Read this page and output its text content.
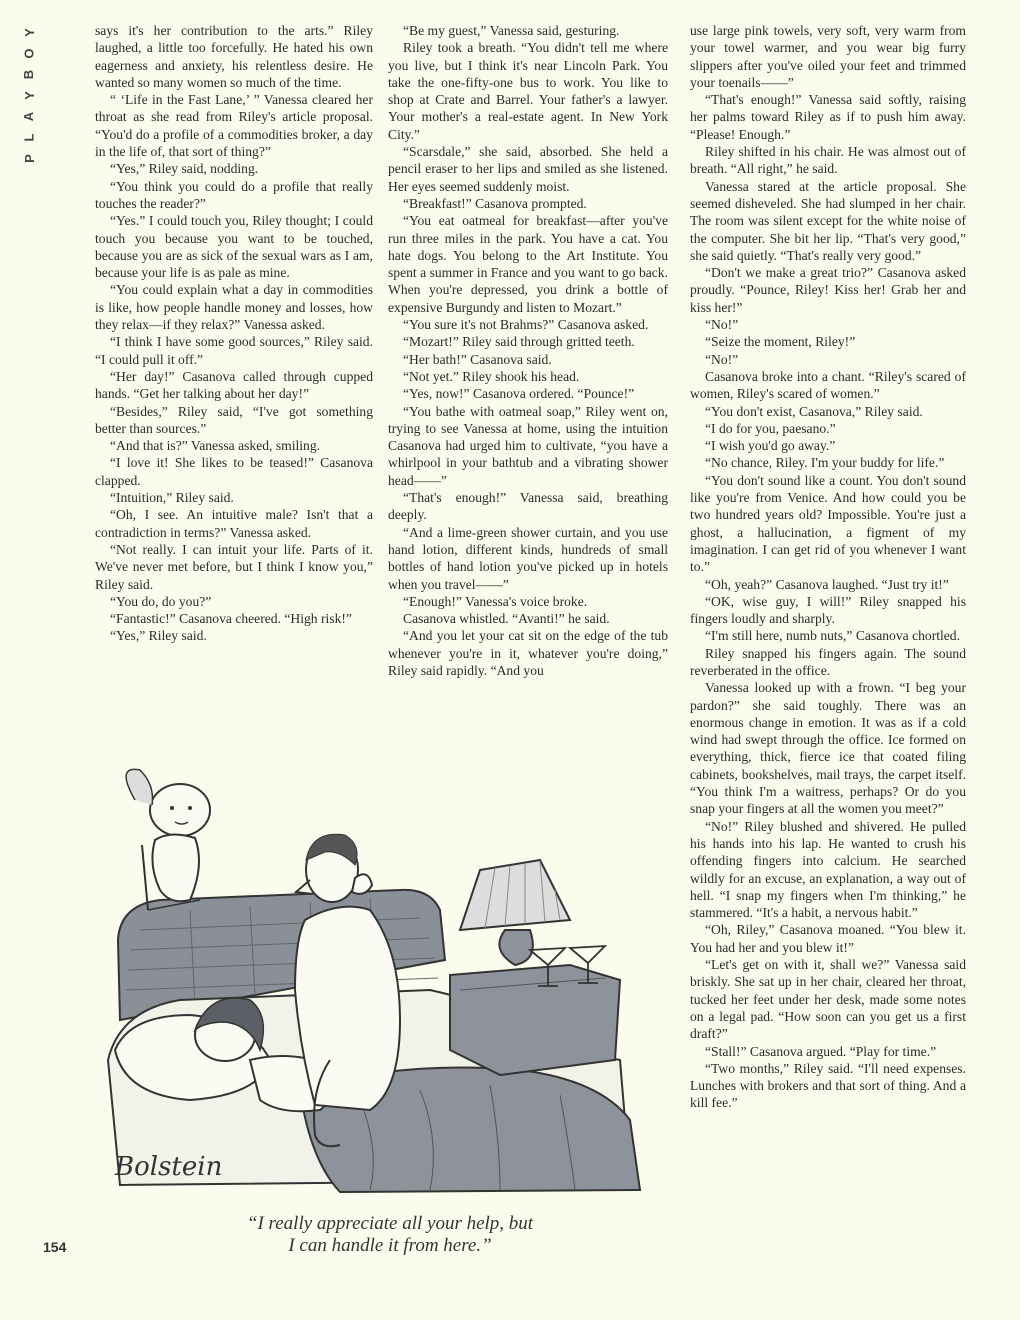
Y
O
B
Y
A
L
P

says it's her contribution to the arts.” Riley laughed, a little too forcefully. He hated his own eagerness and anxiety, his relentless desire. He wanted so many women so much of the time.

“ ‘Life in the Fast Lane,’ ” Vanessa cleared her throat as she read from Riley's article proposal. “You'd do a profile of a commodities broker, a day in the life of, that sort of thing?”

“Yes,” Riley said, nodding.

“You think you could do a profile that really touches the reader?”

“Yes.” I could touch you, Riley thought; I could touch you because you want to be touched, because you are as sick of the sexual wars as I am, because your life is as pale as mine.

“You could explain what a day in commodities is like, how people handle money and losses, how they relax—if they relax?” Vanessa asked.

“I think I have some good sources,” Riley said. “I could pull it off.”

“Her day!” Casanova called through cupped hands. “Get her talking about her day!”

“Besides,” Riley said, “I've got something better than sources.”

“And that is?” Vanessa asked, smiling.

“I love it! She likes to be teased!” Casanova clapped.

“Intuition,” Riley said.

“Oh, I see. An intuitive male? Isn't that a contradiction in terms?” Vanessa asked.

“Not really. I can intuit your life. Parts of it. We've never met before, but I think I know you,” Riley said.

“You do, do you?”

“Fantastic!” Casanova cheered. “High risk!”

“Yes,” Riley said.

“Be my guest,” Vanessa said, gesturing.

Riley took a breath. “You didn't tell me where you live, but I think it's near Lincoln Park. You take the one-fifty-one bus to work. You like to shop at Crate and Barrel. Your father's a lawyer. Your mother's a real-estate agent. In New York City.”

“Scarsdale,” she said, absorbed. She held a pencil eraser to her lips and smiled as she listened. Her eyes seemed suddenly moist.

“Breakfast!” Casanova prompted.

“You eat oatmeal for breakfast—after you've run three miles in the park. You have a cat. You hate dogs. You belong to the Art Institute. You spent a summer in France and you want to go back. When you're depressed, you drink a bottle of expensive Burgundy and listen to Mozart.”

“You sure it's not Brahms?” Casanova asked.

“Mozart!” Riley said through gritted teeth.

“Her bath!” Casanova said.

“Not yet.” Riley shook his head.

“Yes, now!” Casanova ordered. “Pounce!”

“You bathe with oatmeal soap,” Riley went on, trying to see Vanessa at home, using the intuition Casanova had urged him to cultivate, “you have a whirlpool in your bathtub and a vibrating shower head——”

“That's enough!” Vanessa said, breathing deeply.

“And a lime-green shower curtain, and you use hand lotion, different kinds, hundreds of small bottles of hand lotion you've picked up in hotels when you travel——”

“Enough!” Vanessa's voice broke.

Casanova whistled. “Avanti!” he said.

“And you let your cat sit on the edge of the tub whenever you're in it, whatever you're doing,” Riley said rapidly. “And you

use large pink towels, very soft, very warm from your towel warmer, and you wear big furry slippers after you've oiled your feet and trimmed your toenails——”

“That's enough!” Vanessa said softly, raising her palms toward Riley as if to push him away. “Please! Enough.”

Riley shifted in his chair. He was almost out of breath. “All right,” he said.

Vanessa stared at the article proposal. She seemed disheveled. She had slumped in her chair. The room was silent except for the white noise of the computer. She bit her lip. “That's very good,” she said quietly. “That's really very good.”

“Don't we make a great trio?” Casanova asked proudly. “Pounce, Riley! Kiss her! Grab her and kiss her!”

“No!”

“Seize the moment, Riley!”

“No!”

Casanova broke into a chant. “Riley's scared of women, Riley's scared of women.”

“You don't exist, Casanova,” Riley said.

“I do for you, paesano.”

“I wish you'd go away.”

“No chance, Riley. I'm your buddy for life.”

“You don't sound like a count. You don't sound like you're from Venice. And how could you be two hundred years old? Impossible. You're just a ghost, a hallucination, a figment of my imagination. I can get rid of you whenever I want to.”

“Oh, yeah?” Casanova laughed. “Just try it!”

“OK, wise guy, I will!” Riley snapped his fingers loudly and sharply.

“I'm still here, numb nuts,” Casanova chortled.

Riley snapped his fingers again. The sound reverberated in the office.

Vanessa looked up with a frown. “I beg your pardon?” she said toughly. There was an enormous change in emotion. It was as if a cold wind had swept through the office. Ice formed on everything, thick, fierce ice that coated filing cabinets, bookshelves, mail trays, the carpet itself. “You think I'm a waitress, perhaps? Or do you snap your fingers at all the women you meet?”

“No!” Riley blushed and shivered. He pulled his hands into his lap. He wanted to crush his offending fingers into calcium. He searched wildly for an excuse, an explanation, a way out of hell. “I snap my fingers when I'm thinking,” he stammered. “It's a habit, a nervous habit.”

“Oh, Riley,” Casanova moaned. “You blew it. You had her and you blew it!”

“Let's get on with it, shall we?” Vanessa said briskly. She sat up in her chair, cleared her throat, tucked her feet under her desk, made some notes on a legal pad. “How soon can you get us a first draft?”

“Stall!” Casanova argued. “Play for time.”

“Two months,” Riley said. “I'll need expenses. Lunches with brokers and that sort of thing. And a kill fee.”

Bolstein
“I really appreciate all your help, but
I can handle it from here.”
154
